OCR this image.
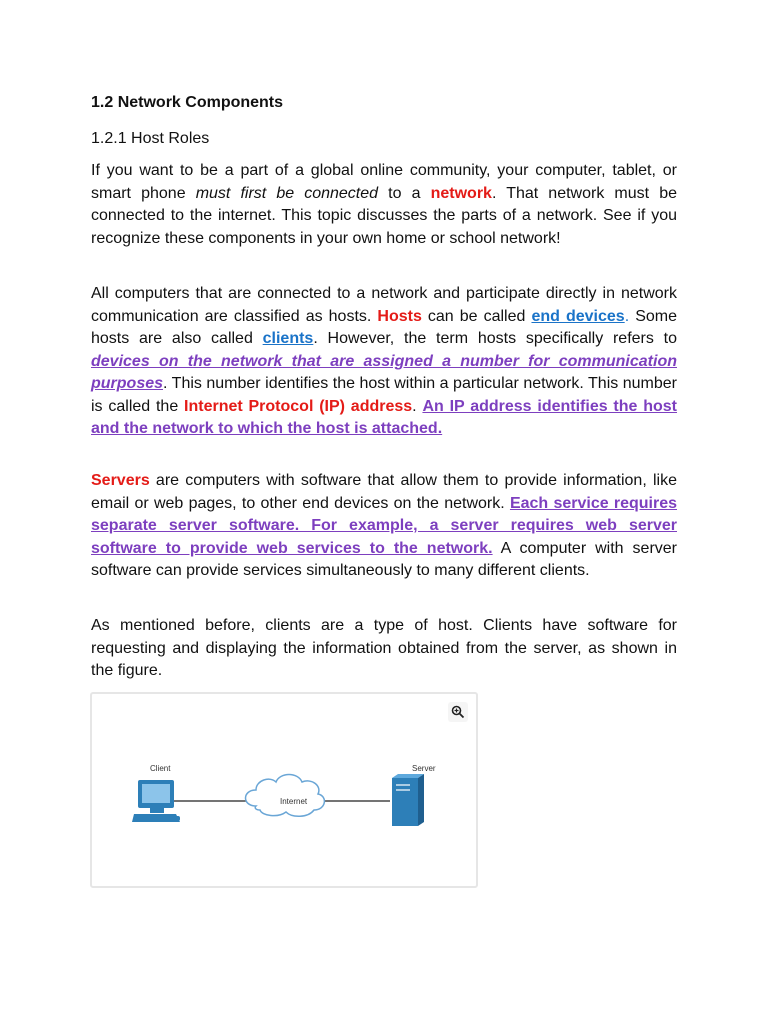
1.2 Network Components
1.2.1 Host Roles

If you want to be a part of a global online community, your computer, tablet, or smart phone must first be connected to a network. That network must be connected to the internet. This topic discusses the parts of a network. See if you recognize these components in your own home or school network!

All computers that are connected to a network and participate directly in network communication are classified as hosts. Hosts can be called end devices. Some hosts are also called clients. However, the term hosts specifically refers to devices on the network that are assigned a number for communication purposes. This number identifies the host within a particular network. This number is called the Internet Protocol (IP) address. An IP address identifies the host and the network to which the host is attached.

Servers are computers with software that allow them to provide information, like email or web pages, to other end devices on the network. Each service requires separate server software. For example, a server requires web server software to provide web services to the network. A computer with server software can provide services simultaneously to many different clients.

As mentioned before, clients are a type of host. Clients have software for requesting and displaying the information obtained from the server, as shown in the figure.

Client	Server
Internet
